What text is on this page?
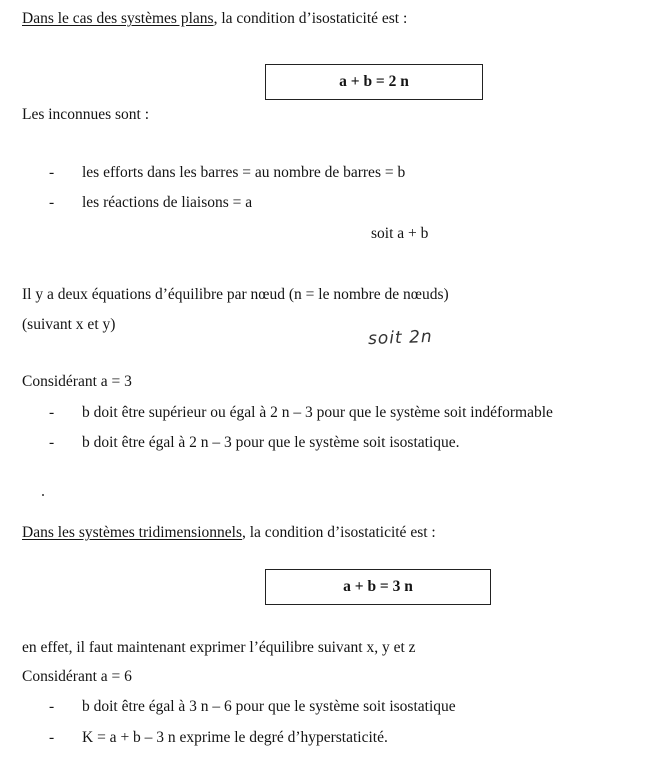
Dans le cas des systèmes plans, la condition d’isostaticité est :
a + b = 2 n
Les inconnues sont :
-	les efforts dans les barres = au nombre de barres = b
-	les réactions de liaisons = a
soit a + b
Il y a deux équations d’équilibre par nœud (n = le nombre de nœuds)
(suivant x et y)
soit 2n
Considérant a = 3
-	b doit être supérieur ou égal à 2 n – 3 pour que le système soit indéformable
-	b doit être égal à 2 n – 3 pour que le système soit isostatique.
Dans les systèmes tridimensionnels, la condition d’isostaticité est :
a + b = 3 n
en effet, il faut maintenant exprimer l’équilibre suivant x, y et z
Considérant a = 6
-	b doit être égal à 3 n – 6 pour que le système soit isostatique
-	K = a + b – 3 n exprime le degré d’hyperstaticité.
